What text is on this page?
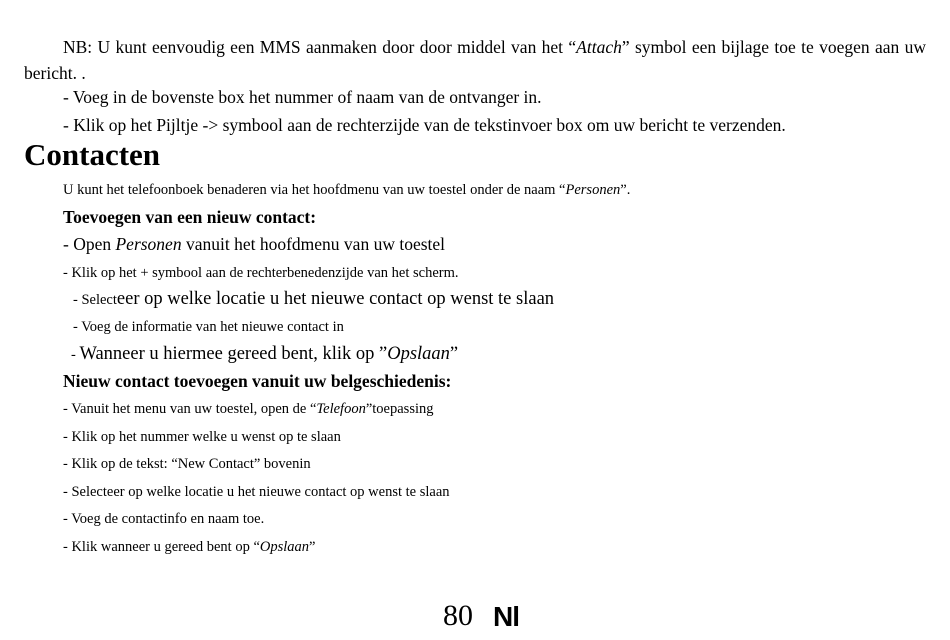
NB: U kunt eenvoudig een MMS aanmaken door door middel van het “Attach” symbol een bijlage toe te voegen aan uw bericht. .

- Voeg in de bovenste box het nummer of naam van de ontvanger in.

- Klik op het Pijltje -> symbool aan de rechterzijde van de tekstinvoer box om uw bericht te verzenden.

Contacten

U kunt het telefoonboek benaderen via het hoofdmenu van uw toestel onder de naam “Personen”.

Toevoegen van een nieuw contact:

- Open Personen vanuit het hoofdmenu van uw toestel

- Klik op het + symbool aan de rechterbenedenzijde van het scherm.

- Selecteer op welke locatie u het nieuwe contact op wenst te slaan

- Voeg de informatie van het nieuwe contact in

- Wanneer u hiermee gereed bent, klik op ”Opslaan”

Nieuw contact toevoegen vanuit uw belgeschiedenis:

- Vanuit het menu van uw toestel, open de “Telefoon”toepassing

- Klik op het nummer welke u wenst op te slaan

- Klik op de tekst: “New Contact” bovenin

- Selecteer op welke locatie u het nieuwe contact op wenst te slaan

- Voeg de contactinfo en naam toe.

- Klik wanneer u gereed bent op “Opslaan”

80 Nl
